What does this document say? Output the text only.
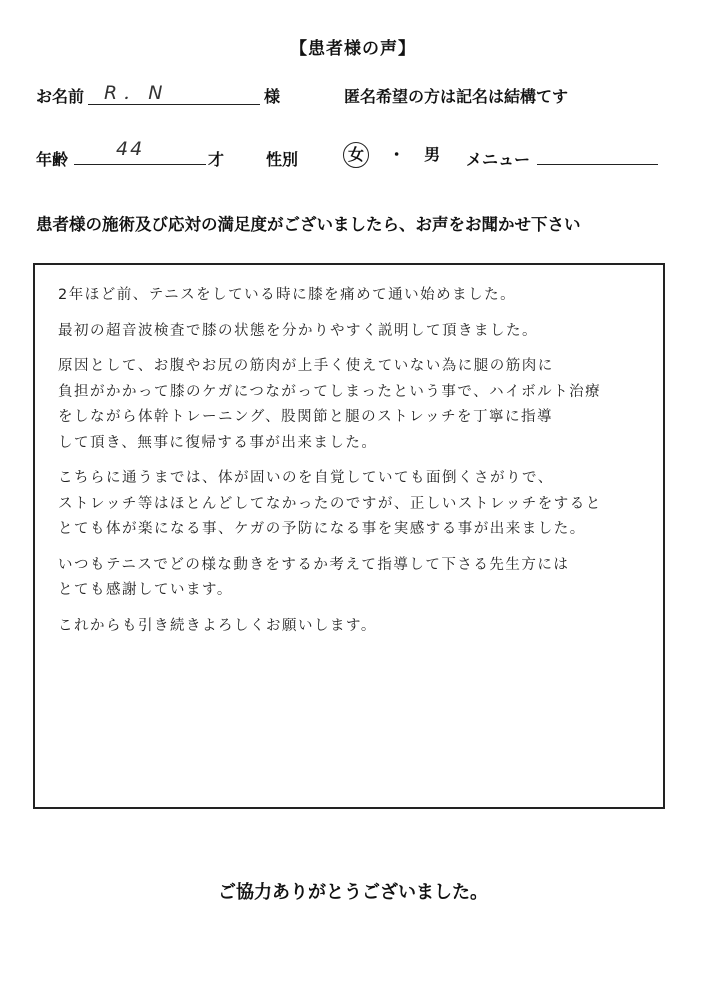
【患者様の声】
お名前 R．N	様	匿名希望の方は記名は結構てす
年齢	44	才	性別	女 ・ 男 メニュー
患者様の施術及び応対の満足度がございましたら、お声をお聞かせ下さい
2年ほど前、テニスをしている時に膝を痛めて通い始めました。
最初の超音波検査で膝の状態を分かりやすく説明して頂きました。
原因として、お腹やお尻の筋肉が上手く使えていない為に腿の筋肉に
負担がかかって膝のケガにつながってしまったという事で、ハイボルト治療
をしながら体幹トレーニング、股関節と腿のストレッチを丁寧に指導
して頂き、無事に復帰する事が出来ました。
こちらに通うまでは、体が固いのを自覚していても面倒くさがりで、
ストレッチ等はほとんどしてなかったのですが、正しいストレッチをすると
とても体が楽になる事、ケガの予防になる事を実感する事が出来ました。
いつもテニスでどの様な動きをするか考えて指導して下さる先生方には
とても感謝しています。
これからも引き続きよろしくお願いします。
ご協力ありがとうございました。
